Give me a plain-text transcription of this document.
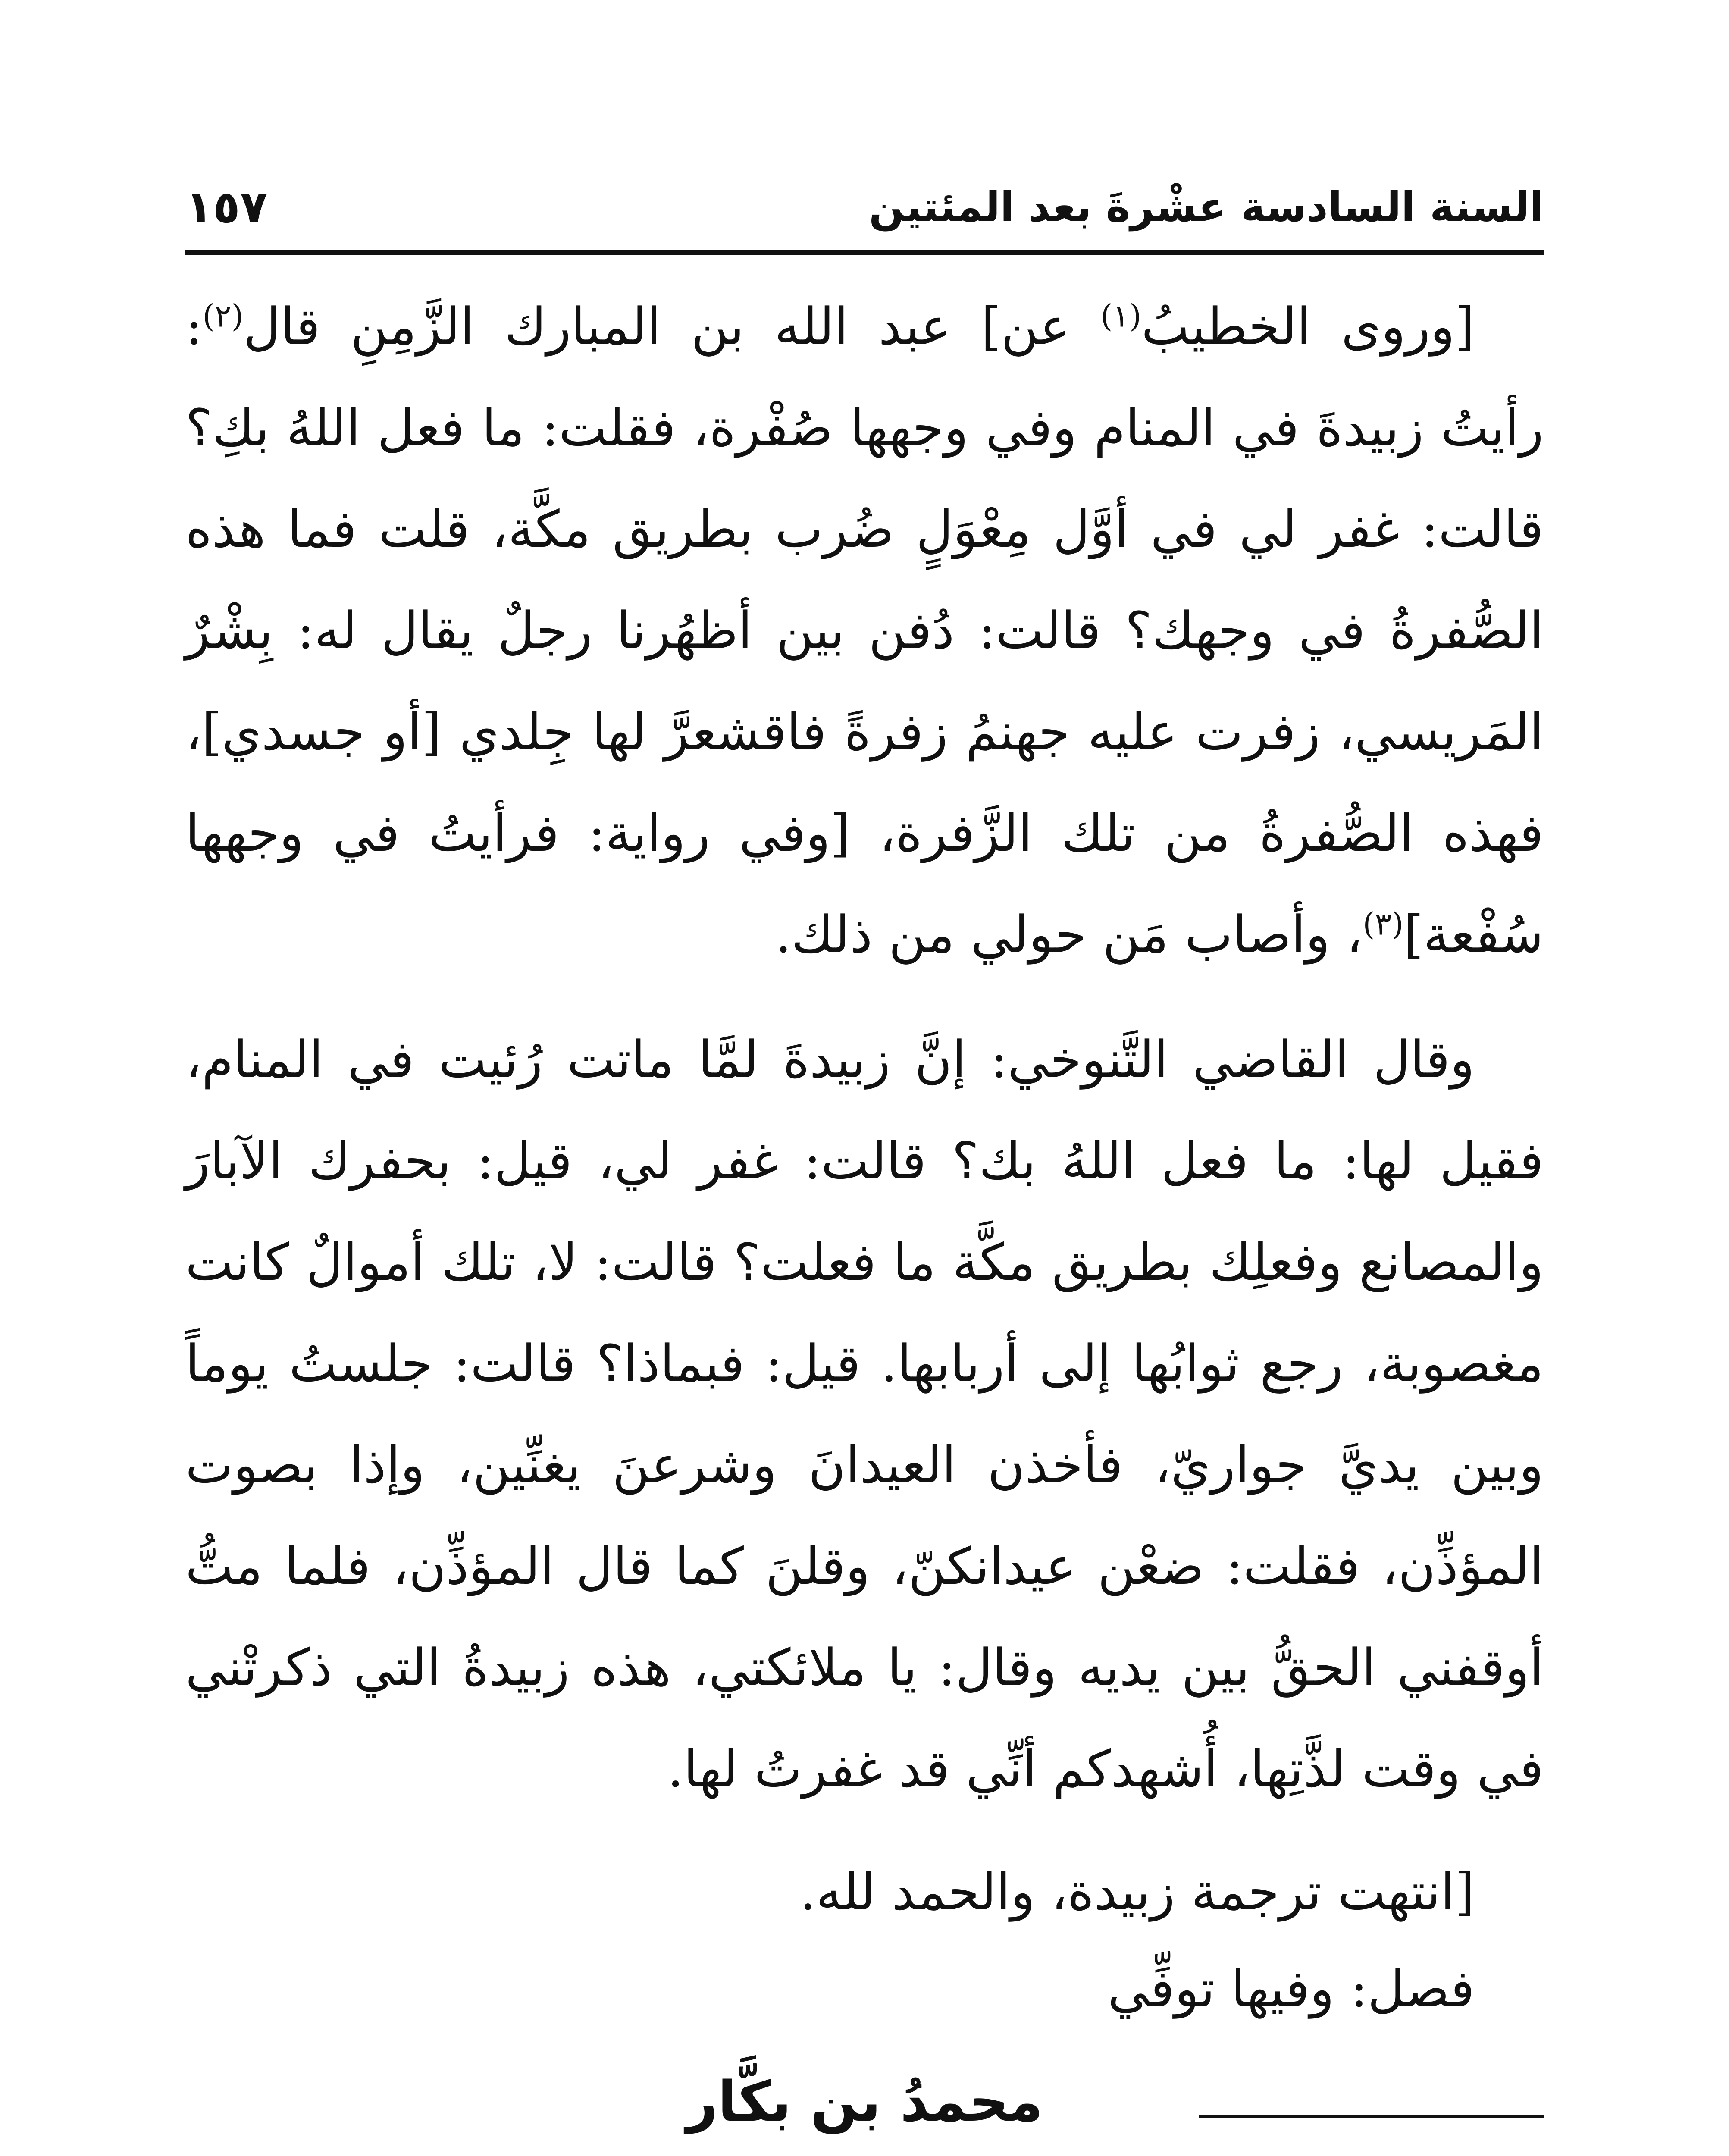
السنة السادسة عشْرةَ بعد المئتين
١٥٧

[وروى الخطيبُ$^{(١)}$ عن] عبد الله بن المبارك الزَّمِنِ قال$^{(٢)}$: رأيتُ زبيدةَ في المنام وفي وجهها صُفْرة، فقلت: ما فعل اللهُ بكِ؟ قالت: غفر لي في أوَّل مِعْوَلٍ ضُرب بطريق مكَّة، قلت فما هذه الصُّفرةُ في وجهك؟ قالت: دُفن بين أظهُرنا رجلٌ يقال له: بِشْرٌ المَريسي، زفرت عليه جهنمُ زفرةً فاقشعرَّ لها جِلدي [أو جسدي]، فهذه الصُّفرةُ من تلك الزَّفرة، [وفي رواية: فرأيتُ في وجهها سُفْعة]$^{(٣)}$، وأصاب مَن حولي من ذلك.

وقال القاضي التَّنوخي: إنَّ زبيدةَ لمَّا ماتت رُئيت في المنام، فقيل لها: ما فعل اللهُ بك؟ قالت: غفر لي، قيل: بحفرك الآبارَ والمصانع وفعلِك بطريق مكَّة ما فعلت؟ قالت: لا، تلك أموالٌ كانت مغصوبة، رجع ثوابُها إلى أربابها. قيل: فبماذا؟ قالت: جلستُ يوماً وبين يديَّ جواريّ، فأخذن العيدانَ وشرعنَ يغنِّين، وإذا بصوت المؤذِّن، فقلت: ضعْن عيدانكنّ، وقلنَ كما قال المؤذِّن، فلما متُّ أوقفني الحقُّ بين يديه وقال: يا ملائكتي، هذه زبيدةُ التي ذكرتْني في وقت لذَّتِها، أُشهدكم أنِّي قد غفرتُ لها.

[انتهت ترجمة زبيدة، والحمد لله.

فصل: وفيها توفِّي

محمدُ بن بكَّار
